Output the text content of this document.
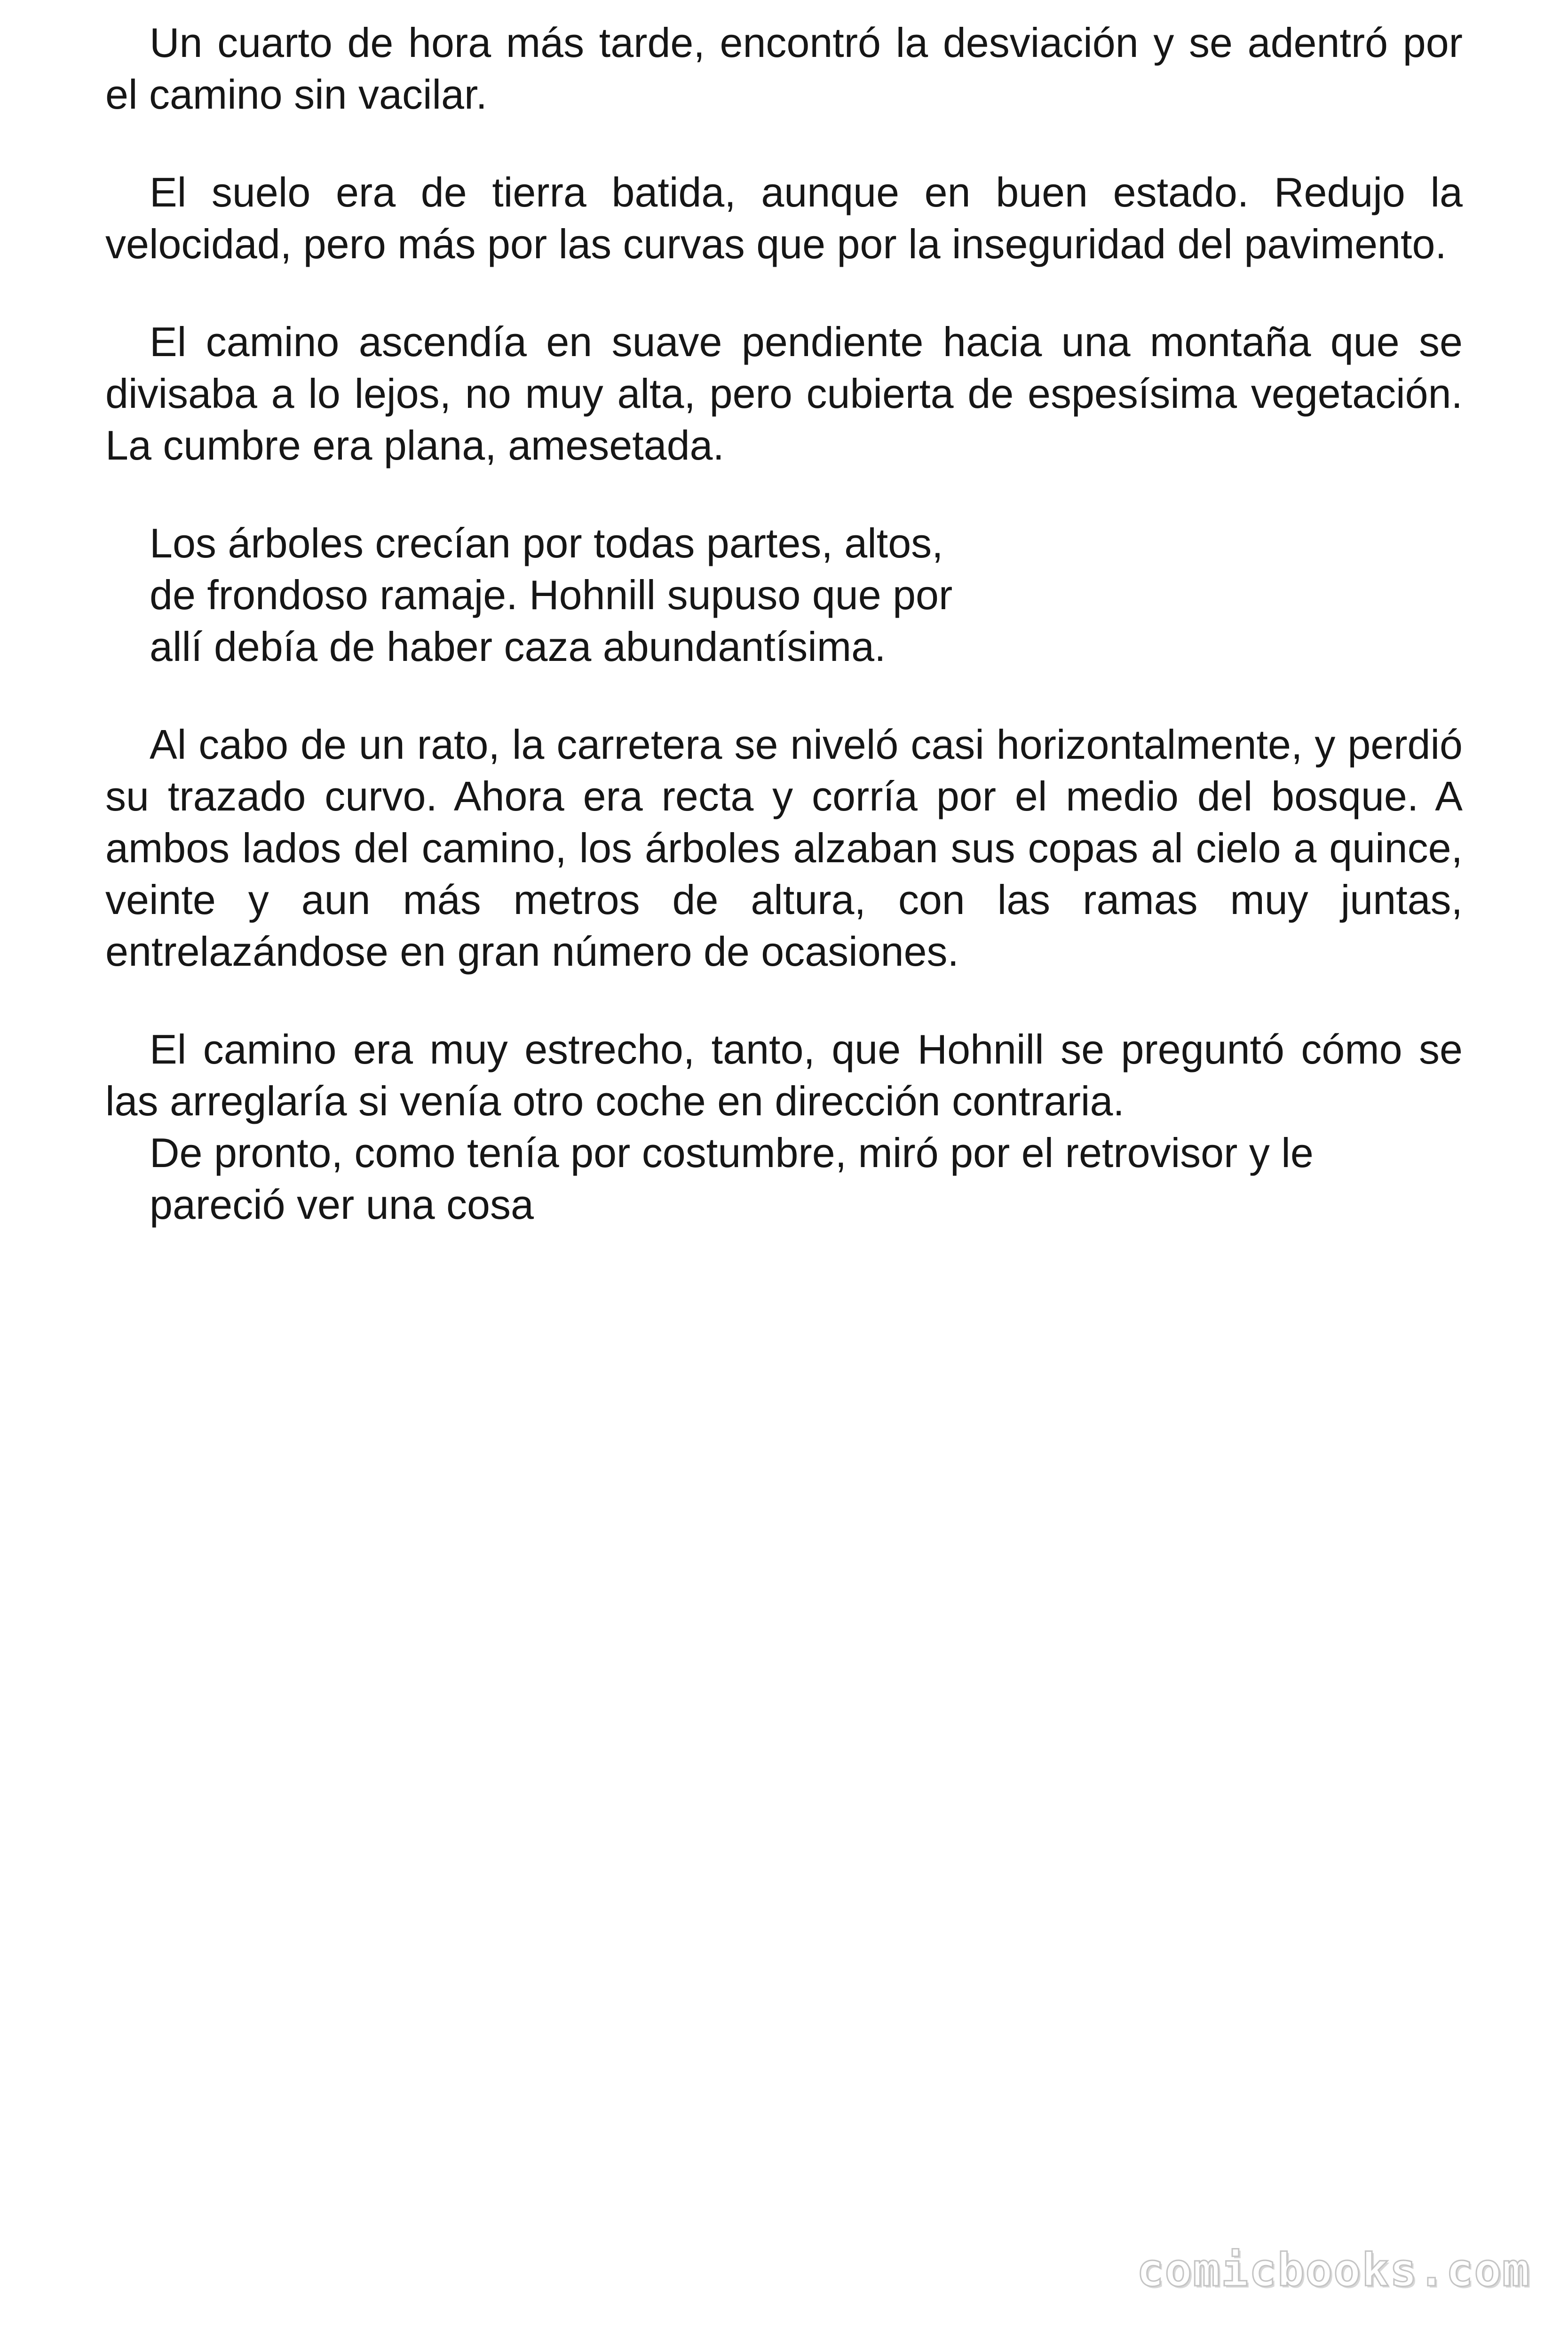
Un cuarto de hora más tarde, encontró la desviación y se adentró por el camino sin vacilar.

El suelo era de tierra batida, aunque en buen estado. Redujo la velocidad, pero más por las curvas que por la inseguridad del pavimento.

El camino ascendía en suave pendiente hacia una montaña que se divisaba a lo lejos, no muy alta, pero cubierta de espesísima vegetación. La cumbre era plana, amesetada.

Los árboles crecían por todas partes, altos,
de frondoso ramaje. Hohnill supuso que por
allí debía de haber caza abundantísima.

Al cabo de un rato, la carretera se niveló casi horizontalmente, y perdió su trazado curvo. Ahora era recta y corría por el medio del bosque. A ambos lados del camino, los árboles alzaban sus copas al cielo a quince, veinte y aun más metros de altura, con las ramas muy juntas, entrelazándose en gran número de ocasiones.

El camino era muy estrecho, tanto, que Hohnill se preguntó cómo se las arreglaría si venía otro coche en dirección contraria.

De pronto, como tenía por costumbre, miró por el retrovisor y le

pareció ver una cosa

comicbooks.com
